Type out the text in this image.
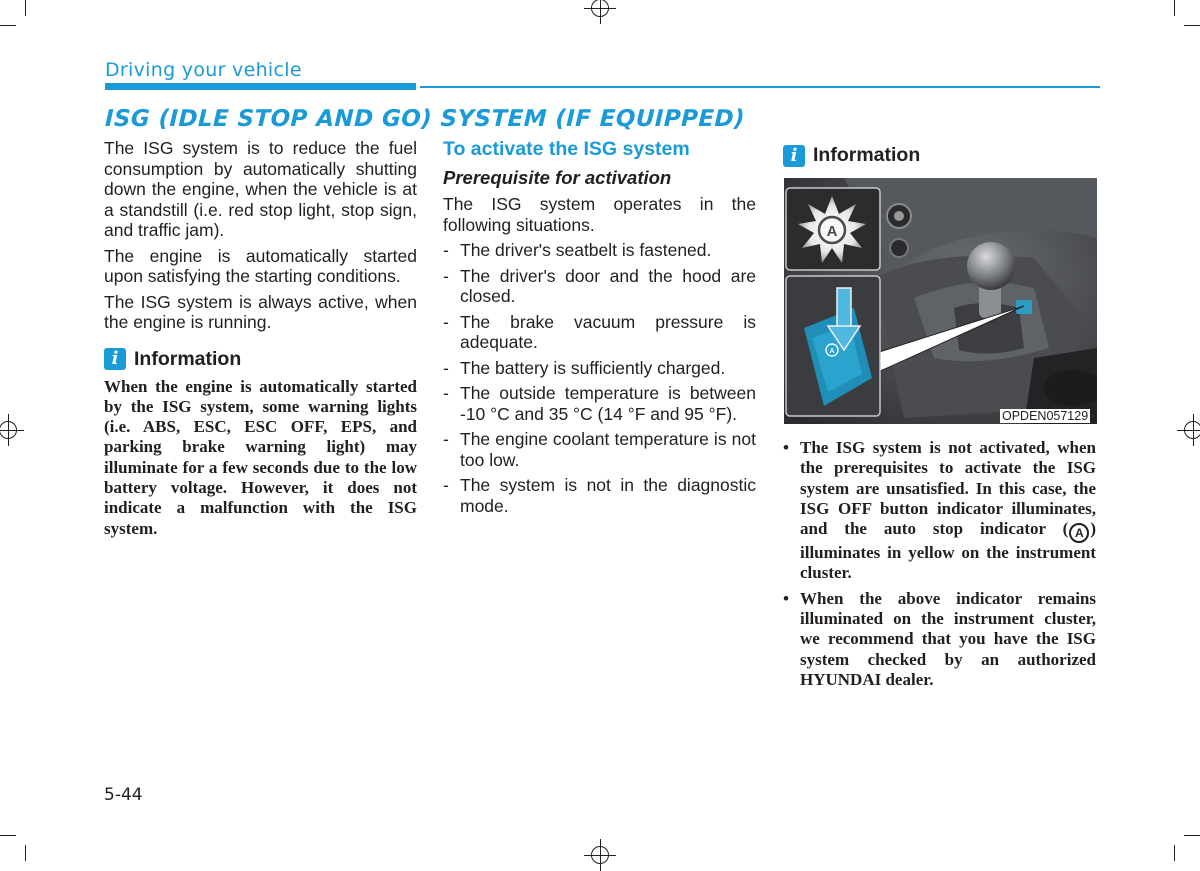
Driving your vehicle
ISG (IDLE STOP AND GO) SYSTEM (IF EQUIPPED)

The ISG system is to reduce the fuel consumption by automatically shutting down the engine, when the vehicle is at a standstill (i.e. red stop light, stop sign, and traffic jam).

The engine is automatically started upon satisfying the starting conditions.

The ISG system is always active, when the engine is running.

i Information

When the engine is automatically started by the ISG system, some warning lights (i.e. ABS, ESC, ESC OFF, EPS, and parking brake warning light) may illuminate for a few seconds due to the low battery voltage. However, it does not indicate a malfunction with the ISG system.

To activate the ISG system
Prerequisite for activation

The ISG system operates in the following situations.

- The driver's seatbelt is fastened.
- The driver's door and the hood are closed.
- The brake vacuum pressure is adequate.
- The battery is sufficiently charged.
- The outside temperature is between -10 °C and 35 °C (14 °F and 95 °F).
- The engine coolant temperature is not too low.
- The system is not in the diagnostic mode.
i Information
A
A
OPDEN057129
• The ISG system is not activated, when the prerequisites to activate the ISG system are unsatisfied. In this case, the ISG OFF button indicator illuminates, and the auto stop indicator ( A ) illuminates in yellow on the instrument cluster.
• When the above indicator remains illuminated on the instrument cluster, we recommend that you have the ISG system checked by an authorized HYUNDAI dealer.
5-44
